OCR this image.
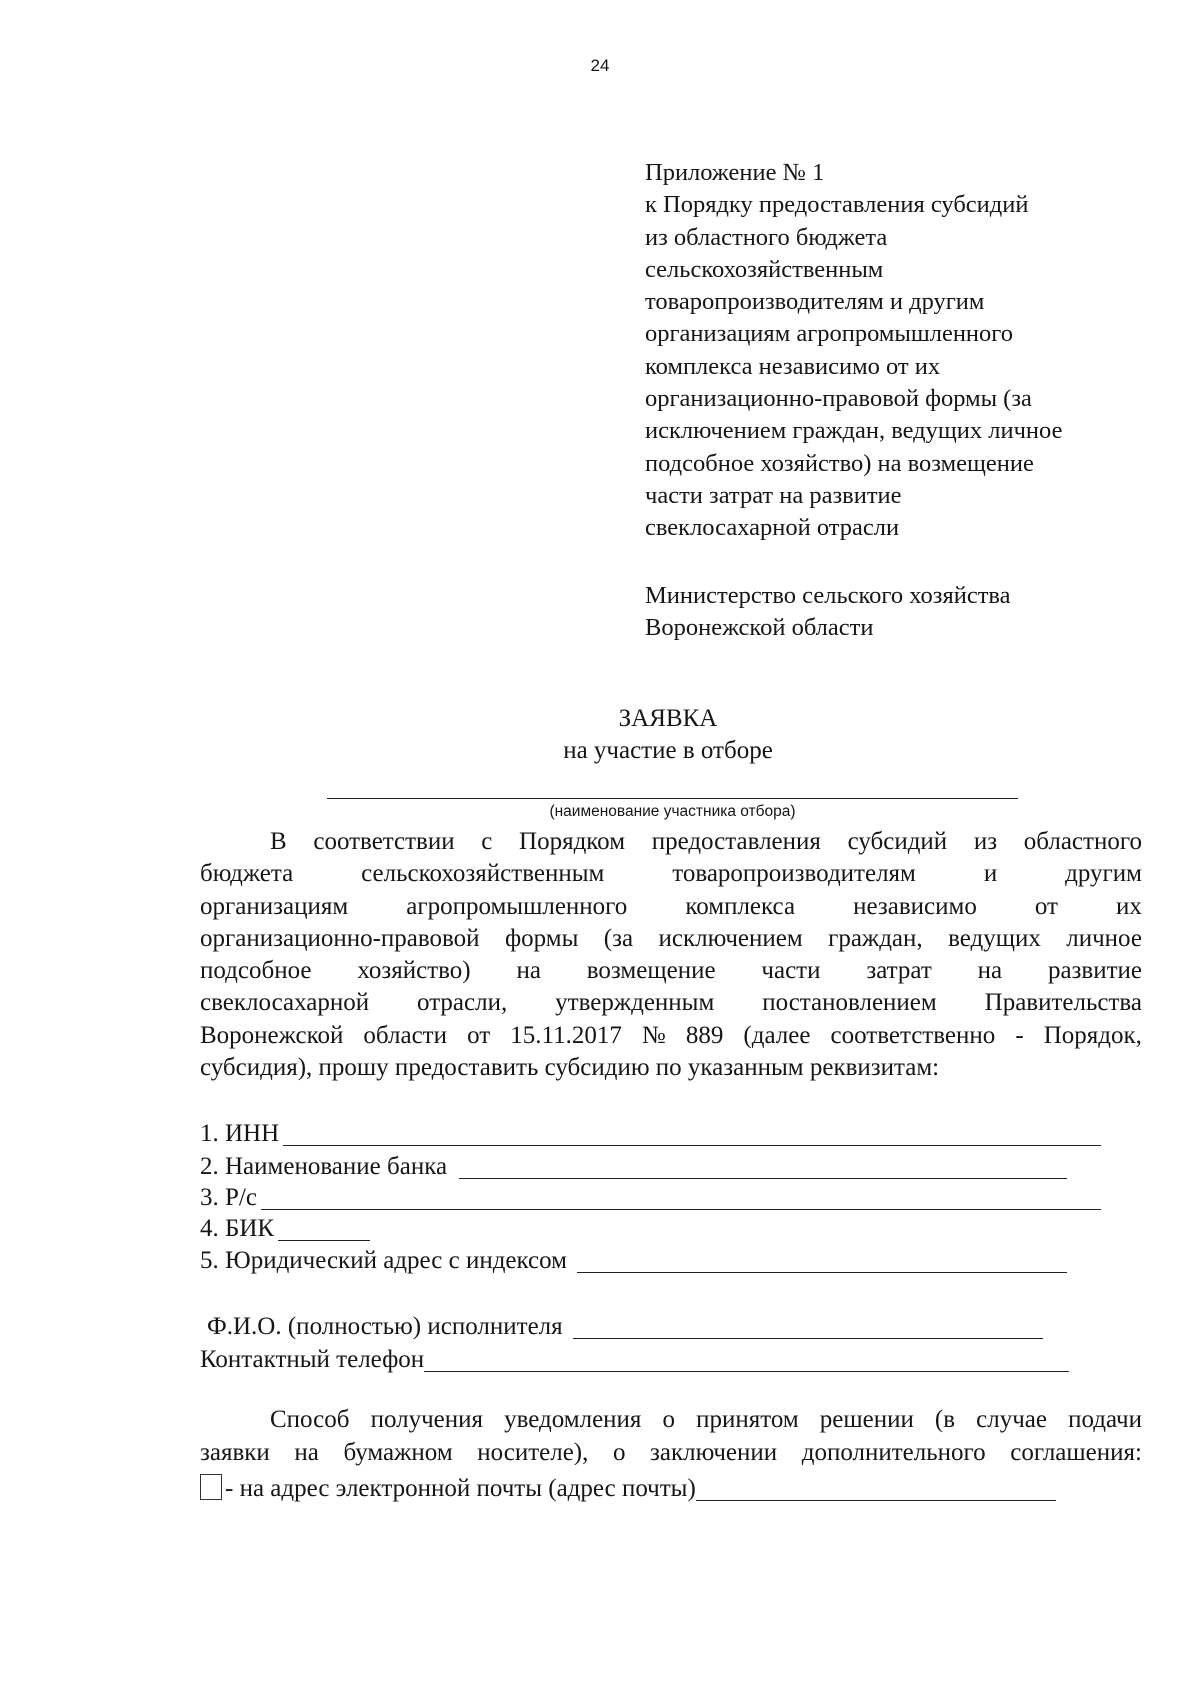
24
Приложение № 1
к Порядку предоставления субсидий
из областного бюджета
сельскохозяйственным
товаропроизводителям и другим
организациям агропромышленного
комплекса независимо от их
организационно-правовой формы (за
исключением граждан, ведущих личное
подсобное хозяйство) на возмещение
части затрат на развитие
свеклосахарной отрасли
Министерство сельского хозяйства
Воронежской области
ЗАЯВКА
на участие в отборе
(наименование участника отбора)
В соответствии с Порядком предоставления субсидий из областного
бюджета	сельскохозяйственным	товаропроизводителям	и	другим
организациям агропромышленного комплекса независимо от их
организационно-правовой формы (за исключением граждан, ведущих личное
подсобное хозяйство) на возмещение части затрат на развитие
свеклосахарной отрасли, утвержденным постановлением Правительства
Воронежской области от 15.11.2017 № 889 (далее соответственно - Порядок,
субсидия), прошу предоставить субсидию по указанным реквизитам:
1. ИНН
2. Наименование банка
3. Р/с
4. БИК
5. Юридический адрес с индексом
Ф.И.О. (полностью) исполнителя
Контактный телефон
Способ получения уведомления о принятом решении (в случае подачи
заявки на бумажном носителе), о заключении дополнительного соглашения:
- на адрес электронной почты (адрес почты)
